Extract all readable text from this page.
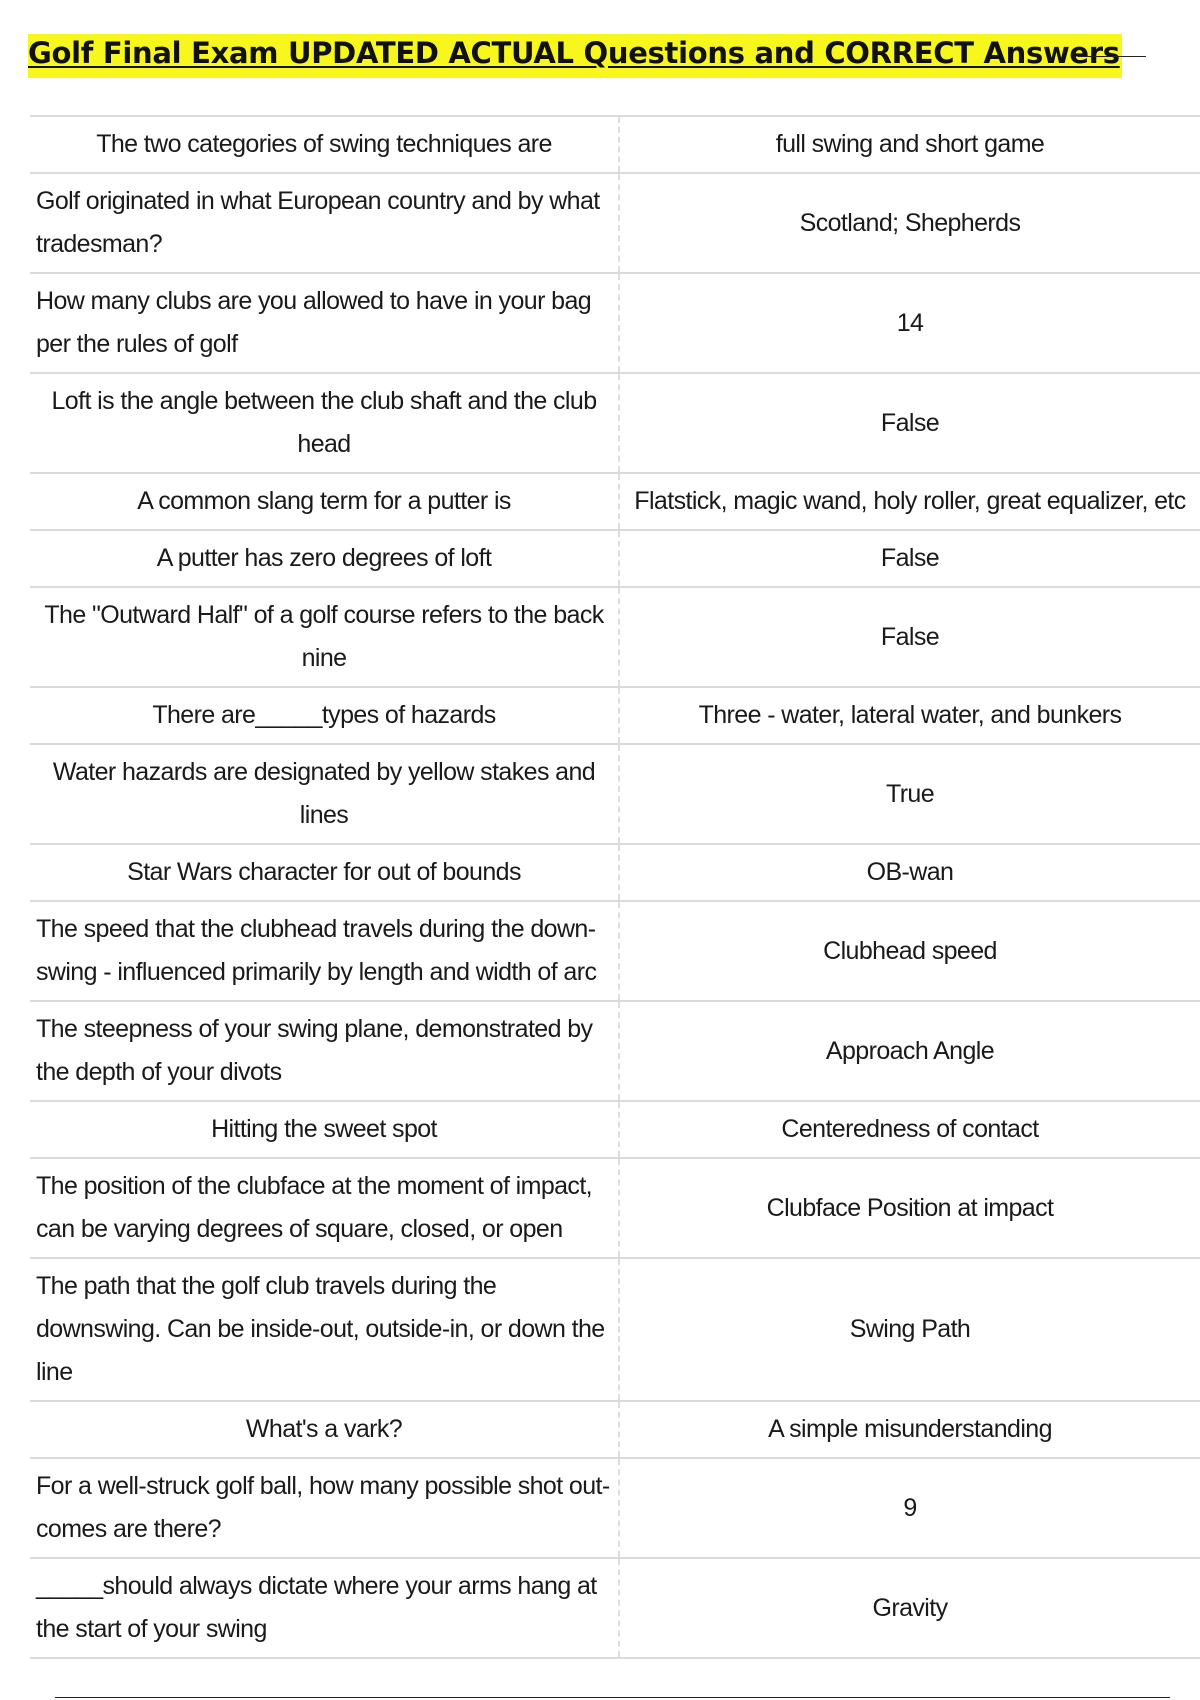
Golf Final Exam UPDATED ACTUAL Questions and CORRECT Answers
The two categories of swing techniques are	full swing and short game
Golf originated in what European country and by what tradesman?	Scotland; Shepherds
How many clubs are you allowed to have in your bag per the rules of golf	14
Loft is the angle between the club shaft and the club head	False
A common slang term for a putter is	Flatstick, magic wand, holy roller, great equalizer, etc
A putter has zero degrees of loft	False
The "Outward Half" of a golf course refers to the back nine	False
There are_____types of hazards	Three - water, lateral water, and bunkers
Water hazards are designated by yellow stakes and lines	True
Star Wars character for out of bounds	OB-wan
The speed that the clubhead travels during the down-swing - influenced primarily by length and width of arc	Clubhead speed
The steepness of your swing plane, demonstrated by the depth of your divots	Approach Angle
Hitting the sweet spot	Centeredness of contact
The position of the clubface at the moment of impact, can be varying degrees of square, closed, or open	Clubface Position at impact
The path that the golf club travels during the downswing. Can be inside-out, outside-in, or down the line	Swing Path
What's a vark?	A simple misunderstanding
For a well-struck golf ball, how many possible shot out-comes are there?	9
_____should always dictate where your arms hang at the start of your swing	Gravity
